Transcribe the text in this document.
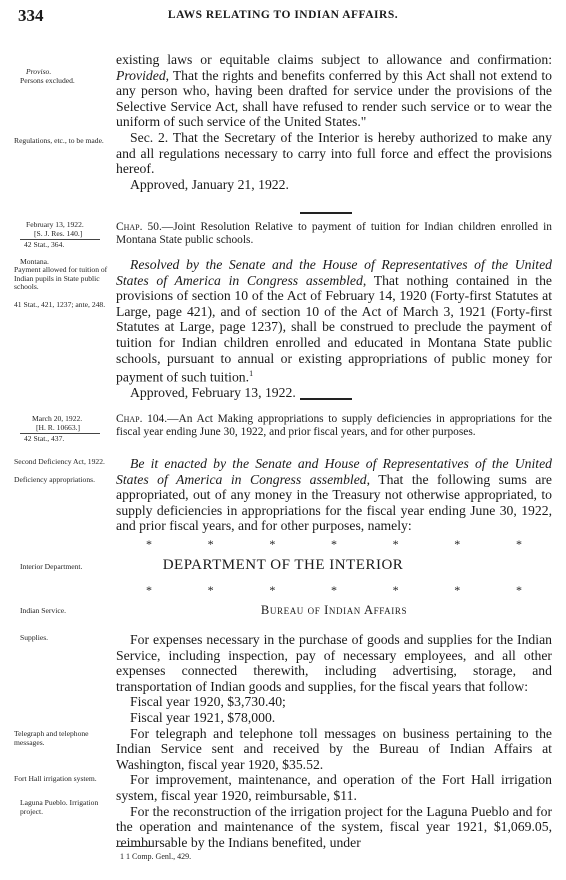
334	LAWS RELATING TO INDIAN AFFAIRS.
Proviso.
Persons excluded.
Regulations, etc., to be made.

existing laws or equitable claims subject to allowance and confirmation: Provided, That the rights and benefits conferred by this Act shall not extend to any person who, having been drafted for service under the provisions of the Selective Service Act, shall have refused to render such service or to wear the uniform of such service of the United States."

Sec. 2. That the Secretary of the Interior is hereby authorized to make any and all regulations necessary to carry into full force and effect the provisions hereof.

Approved, January 21, 1922.

February 13, 1922.
[S. J. Res. 140.]
42 Stat., 364.
Chap. 50.—Joint Resolution Relative to payment of tuition for Indian children enrolled in Montana State public schools.
Montana.
Payment allowed for tuition of Indian pupils in State public schools.
41 Stat., 421, 1237; ante, 248.

Resolved by the Senate and the House of Representatives of the United States of America in Congress assembled, That nothing contained in the provisions of section 10 of the Act of February 14, 1920 (Forty-first Statutes at Large, page 421), and of section 10 of the Act of March 3, 1921 (Forty-first Statutes at Large, page 1237), shall be construed to preclude the payment of tuition for Indian children enrolled and educated in Montana State public schools, pursuant to annual or existing appropriations of public money for payment of such tuition.$^1$

Approved, February 13, 1922.

March 20, 1922.
[H. R. 10663.]
42 Stat., 437.
Chap. 104.—An Act Making appropriations to supply deficiencies in appropriations for the fiscal year ending June 30, 1922, and prior fiscal years, and for other purposes.
Second Deficiency Act, 1922.
Deficiency appropriations.

Be it enacted by the Senate and House of Representatives of the United States of America in Congress assembled, That the following sums are appropriated, out of any money in the Treasury not otherwise appropriated, to supply deficiencies in appropriations for the fiscal year ending June 30, 1922, and prior fiscal years, and for other purposes, namely:

*	*	*	*	*	*	*
Interior Department.	DEPARTMENT OF THE INTERIOR
*	*	*	*	*	*	*
Indian Service.	Bureau of Indian Affairs
Supplies.
Telegraph and telephone messages.
Fort Hall irrigation system.
Laguna Pueblo. Irrigation project.

For expenses necessary in the purchase of goods and supplies for the Indian Service, including inspection, pay of necessary employees, and all other expenses connected therewith, including advertising, storage, and transportation of Indian goods and supplies, for the fiscal years that follow:

Fiscal year 1920, $3,730.40;

Fiscal year 1921, $78,000.

For telegraph and telephone toll messages on business pertaining to the Indian Service sent and received by the Bureau of Indian Affairs at Washington, fiscal year 1920, $35.52.

For improvement, maintenance, and operation of the Fort Hall irrigation system, fiscal year 1920, reimbursable, $11.

For the reconstruction of the irrigation project for the Laguna Pueblo and for the operation and maintenance of the system, fiscal year 1921, $1,069.05, reimbursable by the Indians benefited, under

1 1 Comp. Genl., 429.
